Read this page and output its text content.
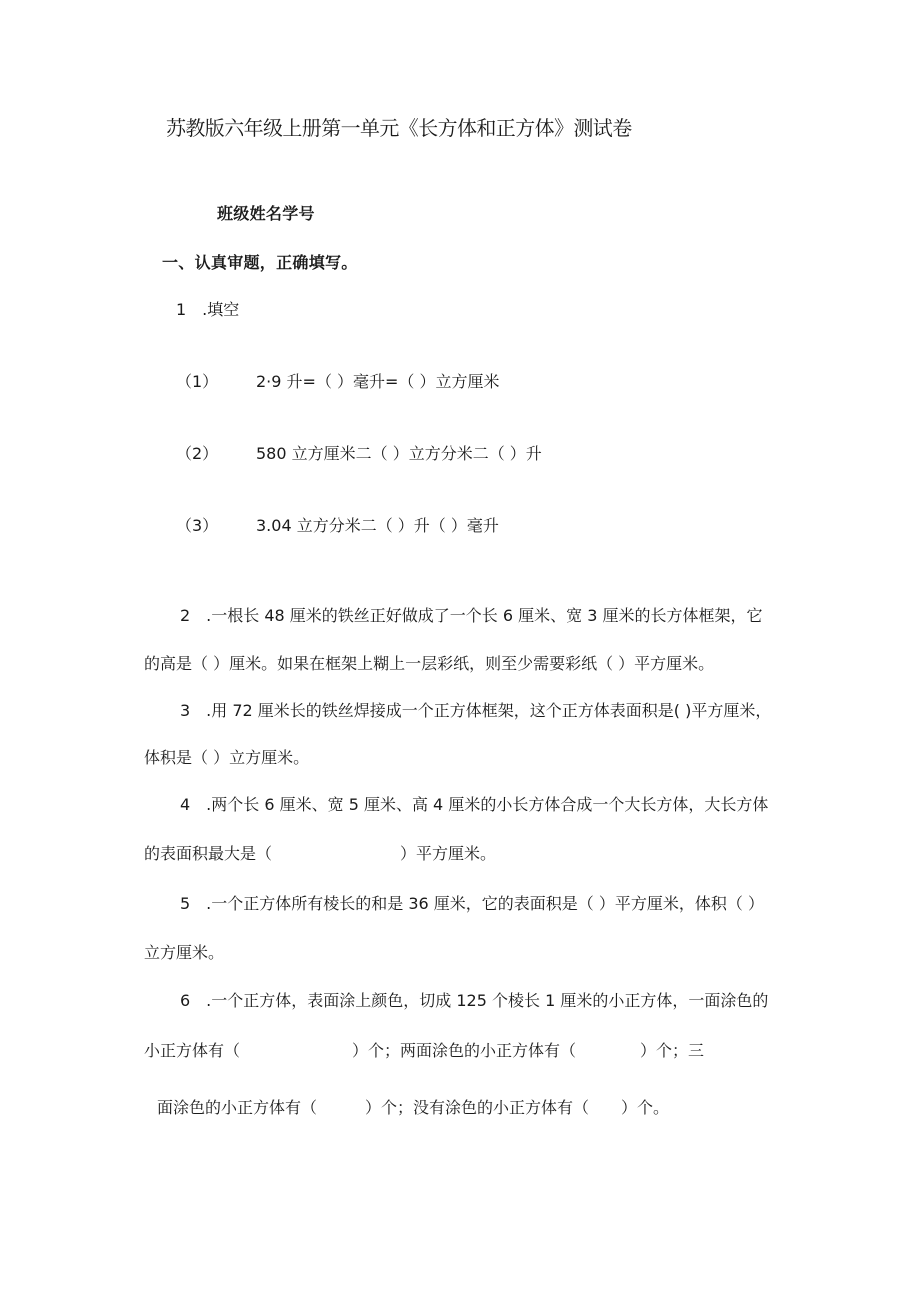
苏教版六年级上册第一单元《长方体和正方体》测试卷
班级姓名学号
一、认真审题，正确填写。
1　.填空
（1） 2·9 升=（ ）毫升=（ ）立方厘米
（2） 580 立方厘米二（ ）立方分米二（ ）升
（3） 3.04 立方分米二（ ）升（ ）毫升
2　.一根长 48 厘米的铁丝正好做成了一个长 6 厘米、宽 3 厘米的长方体框架，它
的高是（ ）厘米。如果在框架上糊上一层彩纸，则至少需要彩纸（ ）平方厘米。
3　.用 72 厘米长的铁丝焊接成一个正方体框架，这个正方体表面积是( )平方厘米，
体积是（ ）立方厘米。
4　.两个长 6 厘米、宽 5 厘米、高 4 厘米的小长方体合成一个大长方体，大长方体
的表面积最大是（　　　　　　　　）平方厘米。
5　.一个正方体所有棱长的和是 36 厘米，它的表面积是（ ）平方厘米，体积（ ）
立方厘米。
6　.一个正方体，表面涂上颜色，切成 125 个棱长 1 厘米的小正方体，一面涂色的
小正方体有（　　　　　　　）个；两面涂色的小正方体有（　　　　）个；三
面涂色的小正方体有（　　　）个；没有涂色的小正方体有（　　）个。
